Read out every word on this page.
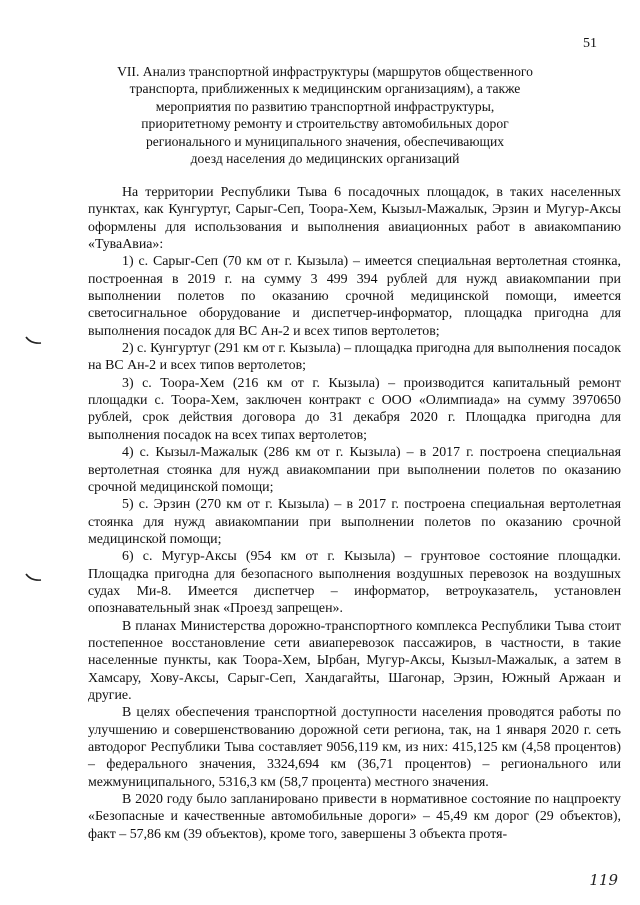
51
VII. Анализ транспортной инфраструктуры (маршрутов общественного
транспорта, приближенных к медицинским организациям), а также
мероприятия по развитию транспортной инфраструктуры,
приоритетному ремонту и строительству автомобильных дорог
регионального и муниципального значения, обеспечивающих
доезд населения до медицинских организаций

На территории Республики Тыва 6 посадочных площадок, в таких населенных пунктах, как Кунгуртуг, Сарыг-Сеп, Тоора-Хем, Кызыл-Мажалык, Эрзин и Мугур-Аксы оформлены для использования и выполнения авиационных работ в авиакомпанию «ТуваАвиа»:

1) с. Сарыг-Сеп (70 км от г. Кызыла) – имеется специальная вертолетная стоянка, построенная в 2019 г. на сумму 3 499 394 рублей для нужд авиакомпании при выполнении полетов по оказанию срочной медицинской помощи, имеется светосигнальное оборудование и диспетчер-информатор, площадка пригодна для выполнения посадок для ВС Ан-2 и всех типов вертолетов;

2) с. Кунгуртуг (291 км от г. Кызыла) – площадка пригодна для выполнения посадок на ВС Ан-2 и всех типов вертолетов;

3) с. Тоора-Хем (216 км от г. Кызыла) – производится капитальный ремонт площадки с. Тоора-Хем, заключен контракт с ООО «Олимпиада» на сумму 3970650 рублей, срок действия договора до 31 декабря 2020 г. Площадка пригодна для выполнения посадок на всех типах вертолетов;

4) с. Кызыл-Мажалык (286 км от г. Кызыла) – в 2017 г. построена специальная вертолетная стоянка для нужд авиакомпании при выполнении полетов по оказанию срочной медицинской помощи;

5) с. Эрзин (270 км от г. Кызыла) – в 2017 г. построена специальная вертолетная стоянка для нужд авиакомпании при выполнении полетов по оказанию срочной медицинской помощи;

6) с. Мугур-Аксы (954 км от г. Кызыла) – грунтовое состояние площадки. Площадка пригодна для безопасного выполнения воздушных перевозок на воздушных судах Ми-8. Имеется диспетчер – информатор, ветроуказатель, установлен опознавательный знак «Проезд запрещен».

В планах Министерства дорожно-транспортного комплекса Республики Тыва стоит постепенное восстановление сети авиаперевозок пассажиров, в частности, в такие населенные пункты, как Тоора-Хем, Ырбан, Мугур-Аксы, Кызыл-Мажалык, а затем в Хамсару, Хову-Аксы, Сарыг-Сеп, Хандагайты, Шагонар, Эрзин, Южный Аржаан и другие.

В целях обеспечения транспортной доступности населения проводятся работы по улучшению и совершенствованию дорожной сети региона, так, на 1 января 2020 г. сеть автодорог Республики Тыва составляет 9056,119 км, из них: 415,125 км (4,58 процентов) – федерального значения, 3324,694 км (36,71 процентов) – регионального или межмуниципального, 5316,3 км (58,7 процента) местного значения.

В 2020 году было запланировано привести в нормативное состояние по нацпроекту «Безопасные и качественные автомобильные дороги» – 45,49 км дорог (29 объектов), факт – 57,86 км (39 объектов), кроме того, завершены 3 объекта протя-

119
